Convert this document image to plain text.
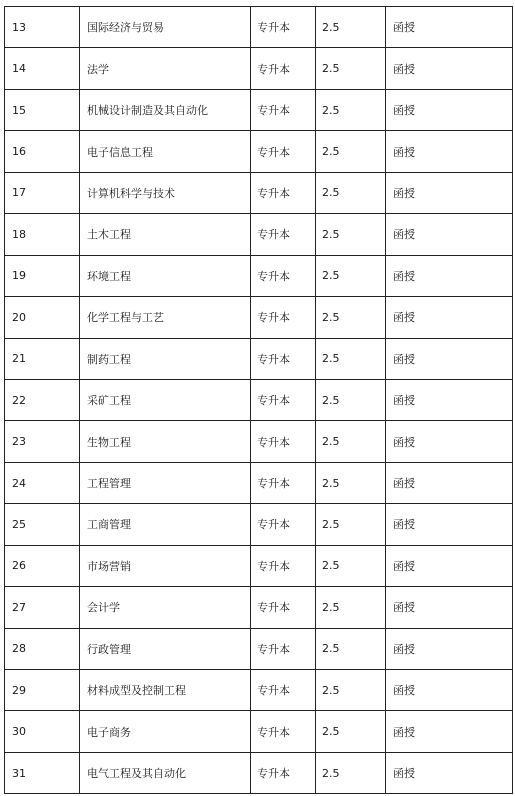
13	国际经济与贸易	专升本	2.5	函授
14	法学	专升本	2.5	函授
15	机械设计制造及其自动化	专升本	2.5	函授
16	电子信息工程	专升本	2.5	函授
17	计算机科学与技术	专升本	2.5	函授
18	土木工程	专升本	2.5	函授
19	环境工程	专升本	2.5	函授
20	化学工程与工艺	专升本	2.5	函授
21	制药工程	专升本	2.5	函授
22	采矿工程	专升本	2.5	函授
23	生物工程	专升本	2.5	函授
24	工程管理	专升本	2.5	函授
25	工商管理	专升本	2.5	函授
26	市场营销	专升本	2.5	函授
27	会计学	专升本	2.5	函授
28	行政管理	专升本	2.5	函授
29	材料成型及控制工程	专升本	2.5	函授
30	电子商务	专升本	2.5	函授
31	电气工程及其自动化	专升本	2.5	函授
